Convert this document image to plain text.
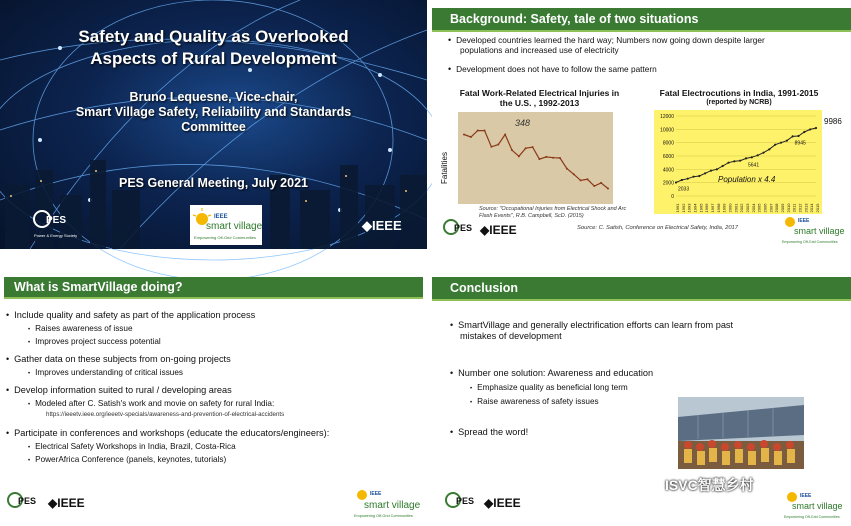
Safety and Quality as Overlooked
Aspects of Rural Development
Bruno Lequesne, Vice-chair,
Smart Village Safety, Reliability and Standards
Committee
PES General Meeting, July 2021
PES
Power & Energy Society
IEEE
smart village
Empowering Off-Grid Communities
◆IEEE
Background: Safety, tale of two situations
• Developed countries learned the hard way; Numbers now going down despite larger
populations and increased use of electricity
• Development does not have to follow the same pattern
Fatal Work-Related Electrical Injuries in
the U.S. , 1992-2013
Fatalities
348
Source: "Occupational Injuries from Electrical Shock and Arc
Flash Events", R.B. Campbell, ScD. (2015)
Fatal Electrocutions in India, 1991-2015
(reported by NCRB)
0
2000
4000
6000
8000
10000
12000
1991 1992 1993 1994 1995 1996 1997 1998 1999 2000 2001 2002 2003 2004 2005 2006 2007 2008 2009 2010 2011 2012 2013 2014 2015
2033
5641
8945
Population x 4.4
9986
Source: C. Satish, Conference on Electrical Safety, India, 2017
PES ◆IEEE
IEEE
smart village
Empowering Off-Grid Communities
What is SmartVillage doing?
• Include quality and safety as part of the application process
• Raises awareness of issue
• Improves project success potential
• Gather data on these subjects from on-going projects
• Improves understanding of critical issues
• Develop information suited to rural / developing areas
• Modeled after C. Satish's work and movie on safety for rural India:
https://ieeetv.ieee.org/ieeetv-specials/awareness-and-prevention-of-electrical-accidents
• Participate in conferences and workshops (educate the educators/engineers):
• Electrical Safety Workshops in India, Brazil, Costa-Rica
• PowerAfrica Conference (panels, keynotes, tutorials)
PES ◆IEEE
IEEE
smart village
Empowering Off-Grid Communities
Conclusion
• SmartVillage and generally electrification efforts can learn from past
mistakes of development
• Number one solution: Awareness and education
• Emphasize quality as beneficial long term
• Raise awareness of safety issues
• Spread the word!
PES ◆IEEE	IEEE
smart village
Empowering Off-Grid Communities
ISVC智慧乡村
